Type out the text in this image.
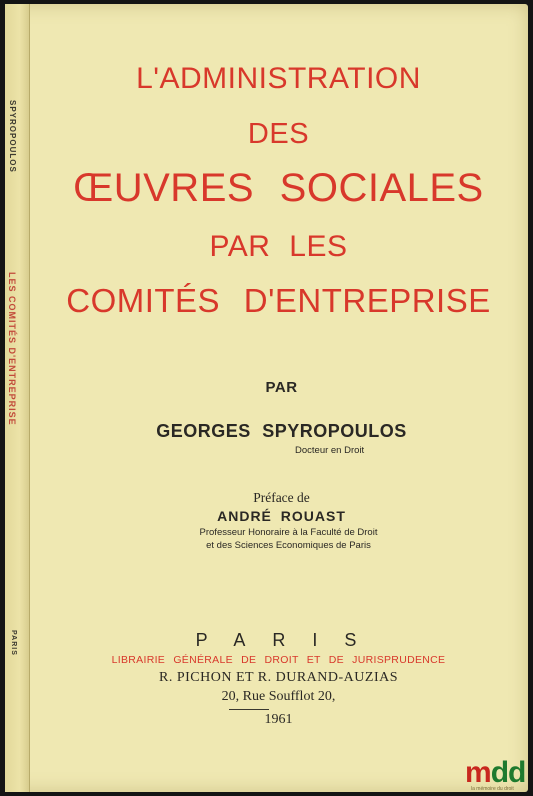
SPYROPOULOS
LES COMITÉS D'ENTREPRISE
PARIS
L'ADMINISTRATION
DES
ŒUVRES SOCIALES
PAR LES
COMITÉS D'ENTREPRISE
PAR
GEORGES SPYROPOULOS
Docteur en Droit
Préface de
ANDRÉ ROUAST
Professeur Honoraire à la Faculté de Droit
et des Sciences Economiques de Paris
PARIS
LIBRAIRIE GÉNÉRALE DE DROIT ET DE JURISPRUDENCE
R. PICHON ET R. DURAND-AUZIAS
20, Rue Soufflot 20,
1961
mdd
la mémoire du droit
